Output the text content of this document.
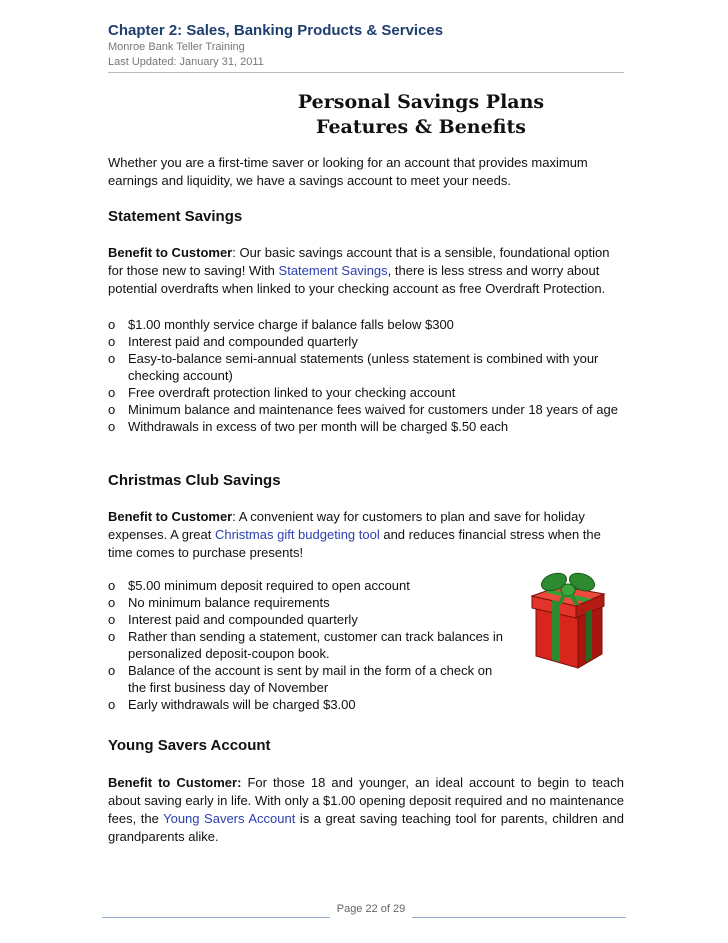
Chapter 2: Sales, Banking Products & Services
Monroe Bank Teller Training
Last Updated: January 31, 2011
Personal Savings Plans
Features & Benefits
Whether you are a first-time saver or looking for an account that provides maximum earnings and liquidity, we have a savings account to meet your needs.
Statement Savings
Benefit to Customer: Our basic savings account that is a sensible, foundational option for those new to saving! With Statement Savings, there is less stress and worry about potential overdrafts when linked to your checking account as free Overdraft Protection.
o $1.00 monthly service charge if balance falls below $300
o Interest paid and compounded quarterly
o Easy-to-balance semi-annual statements (unless statement is combined with your checking account)
o Free overdraft protection linked to your checking account
o Minimum balance and maintenance fees waived for customers under 18 years of age
o Withdrawals in excess of two per month will be charged $.50 each
Christmas Club Savings
Benefit to Customer: A convenient way for customers to plan and save for holiday expenses. A great Christmas gift budgeting tool and reduces financial stress when the time comes to purchase presents!
o $5.00 minimum deposit required to open account
o No minimum balance requirements
o Interest paid and compounded quarterly
o Rather than sending a statement, customer can track balances in personalized deposit-coupon book.
o Balance of the account is sent by mail in the form of a check on the first business day of November
o Early withdrawals will be charged $3.00
Young Savers Account
Benefit to Customer: For those 18 and younger, an ideal account to begin to teach about saving early in life. With only a $1.00 opening deposit required and no maintenance fees, the Young Savers Account is a great saving teaching tool for parents, children and grandparents alike.
Page 22 of 29
